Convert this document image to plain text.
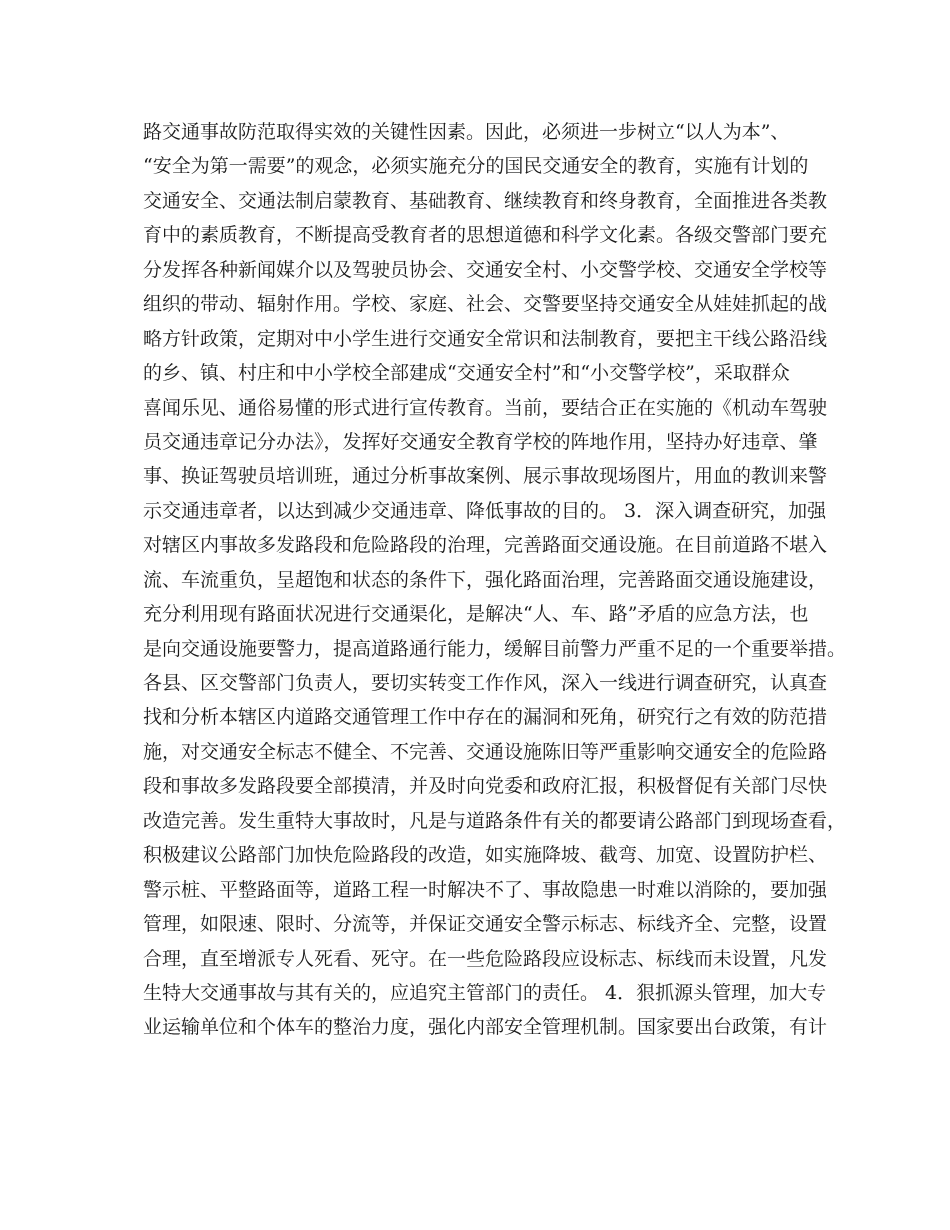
路交通事故防范取得实效的关键性因素。因此，必须进一步树立“以人为本”、
“安全为第一需要”的观念，必须实施充分的国民交通安全的教育，实施有计划的
交通安全、交通法制启蒙教育、基础教育、继续教育和终身教育，全面推进各类教
育中的素质教育，不断提高受教育者的思想道德和科学文化素。各级交警部门要充
分发挥各种新闻媒介以及驾驶员协会、交通安全村、小交警学校、交通安全学校等
组织的带动、辐射作用。学校、家庭、社会、交警要坚持交通安全从娃娃抓起的战
略方针政策，定期对中小学生进行交通安全常识和法制教育，要把主干线公路沿线
的乡、镇、村庄和中小学校全部建成“交通安全村”和“小交警学校”，采取群众
喜闻乐见、通俗易懂的形式进行宣传教育。当前，要结合正在实施的《机动车驾驶
员交通违章记分办法》，发挥好交通安全教育学校的阵地作用，坚持办好违章、肇
事、换证驾驶员培训班，通过分析事故案例、展示事故现场图片，用血的教训来警
示交通违章者，以达到减少交通违章、降低事故的目的。 3．深入调查研究，加强
对辖区内事故多发路段和危险路段的治理，完善路面交通设施。在目前道路不堪入
流、车流重负，呈超饱和状态的条件下，强化路面治理，完善路面交通设施建设，
充分利用现有路面状况进行交通渠化，是解决“人、车、路”矛盾的应急方法，也
是向交通设施要警力，提高道路通行能力，缓解目前警力严重不足的一个重要举措。
各县、区交警部门负责人，要切实转变工作作风，深入一线进行调查研究，认真查
找和分析本辖区内道路交通管理工作中存在的漏洞和死角，研究行之有效的防范措
施，对交通安全标志不健全、不完善、交通设施陈旧等严重影响交通安全的危险路
段和事故多发路段要全部摸清，并及时向党委和政府汇报，积极督促有关部门尽快
改造完善。发生重特大事故时，凡是与道路条件有关的都要请公路部门到现场查看，
积极建议公路部门加快危险路段的改造，如实施降坡、截弯、加宽、设置防护栏、
警示桩、平整路面等，道路工程一时解决不了、事故隐患一时难以消除的，要加强
管理，如限速、限时、分流等，并保证交通安全警示标志、标线齐全、完整，设置
合理，直至增派专人死看、死守。在一些危险路段应设标志、标线而未设置，凡发
生特大交通事故与其有关的，应追究主管部门的责任。 4．狠抓源头管理，加大专
业运输单位和个体车的整治力度，强化内部安全管理机制。国家要出台政策，有计
